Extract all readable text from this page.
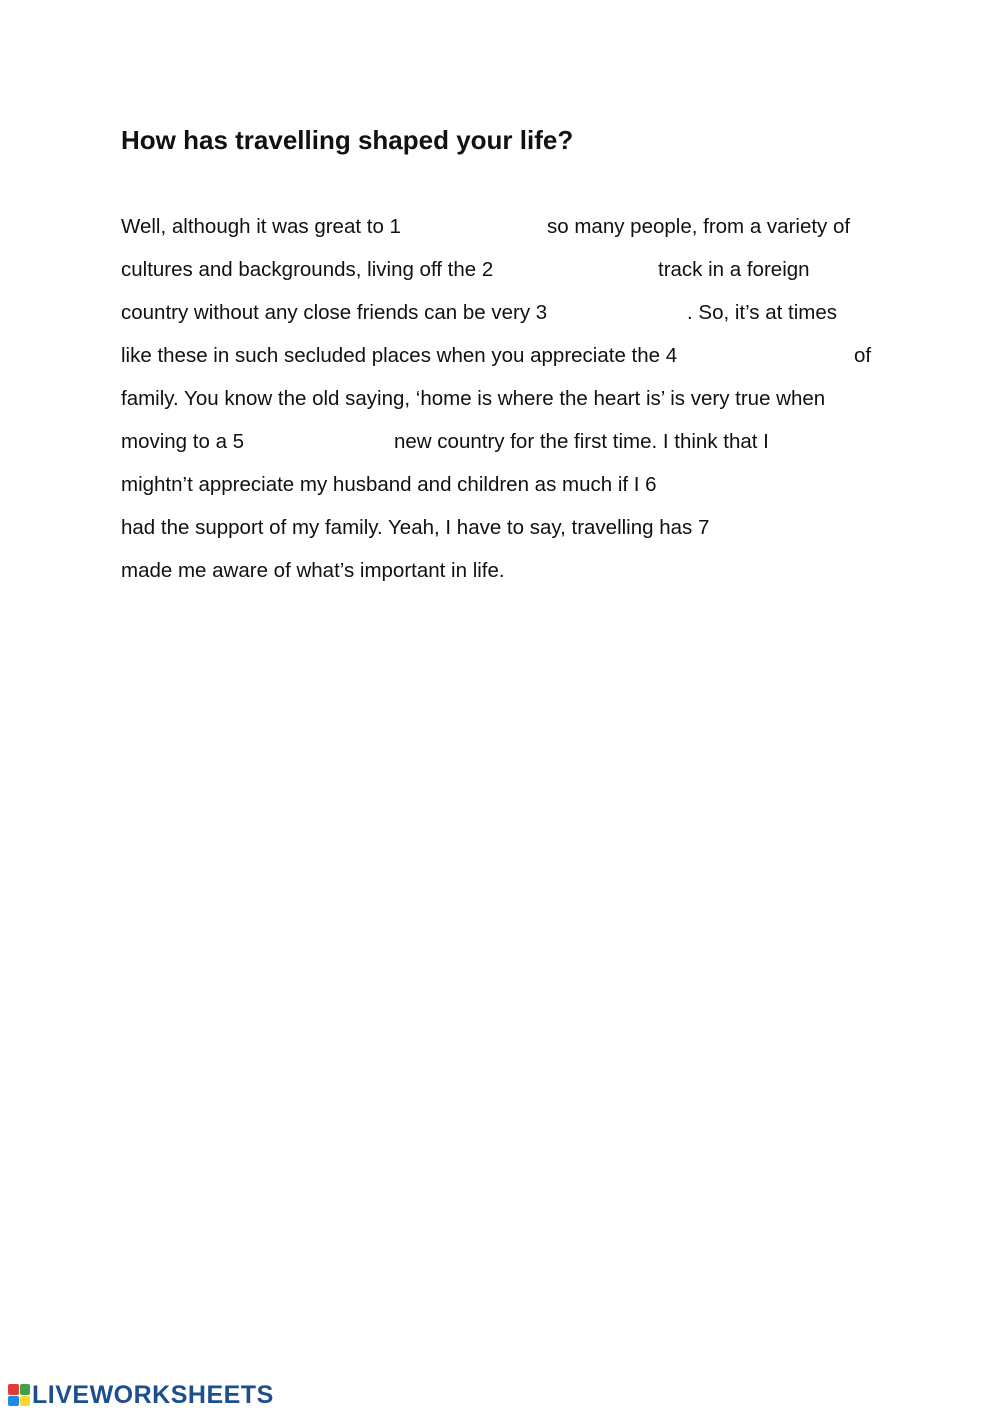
How has travelling shaped your life?
Well, although it was great to 1	so many people, from a variety of
cultures and backgrounds, living off the 2	track in a foreign
country without any close friends can be very 3	. So, it’s at times
like these in such secluded places when you appreciate the 4	of
family. You know the old saying, ‘home is where the heart is’ is very true when
moving to a 5	new country for the first time. I think that I
mightn’t appreciate my husband and children as much if I 6
had the support of my family. Yeah, I have to say, travelling has 7
made me aware of what’s important in life.
LIVEWORKSHEETS
